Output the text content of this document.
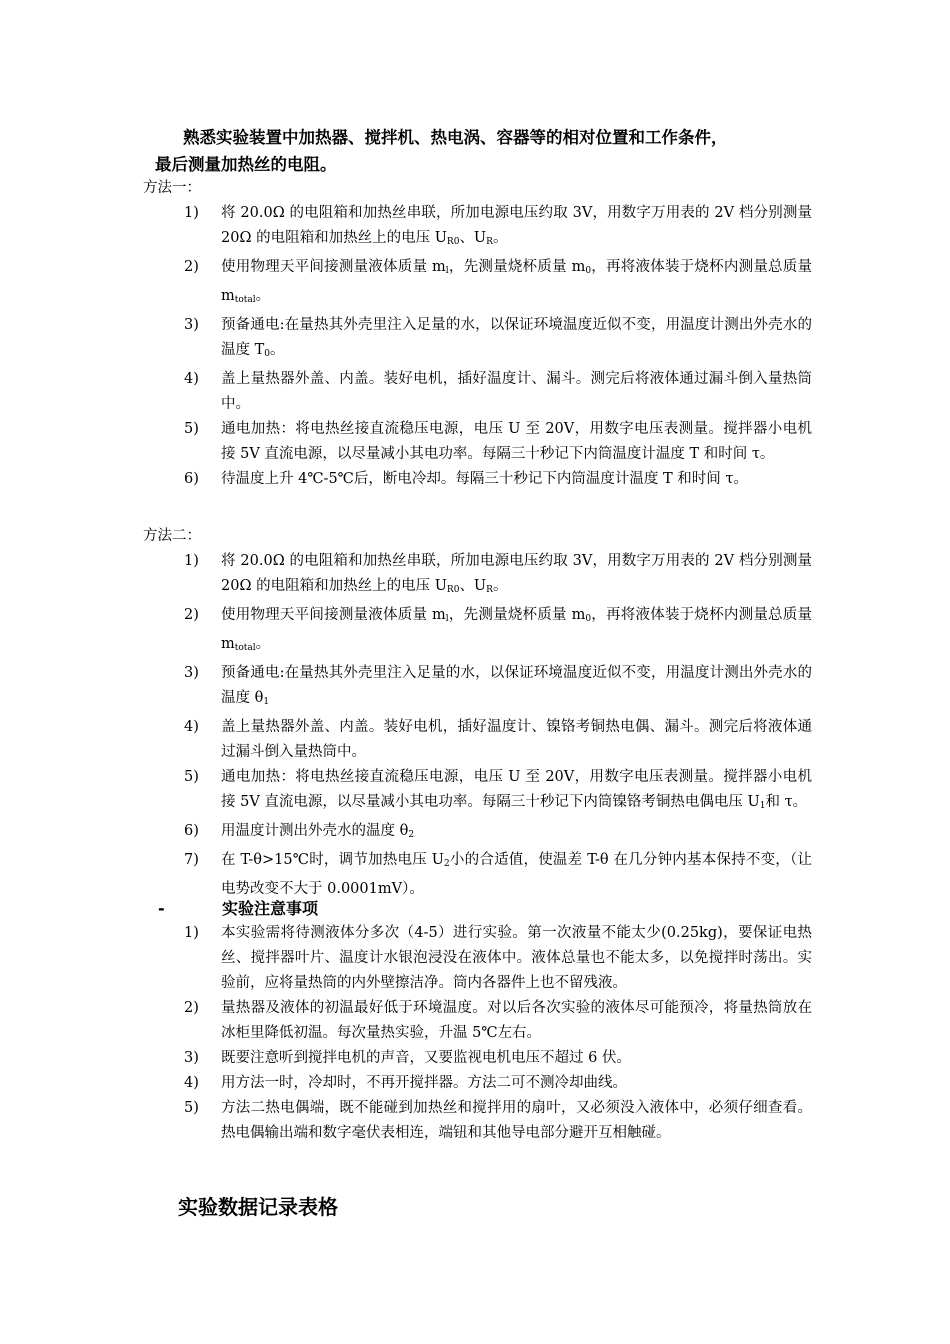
熟悉实验装置中加热器、搅拌机、热电涡、容器等的相对位置和工作条件，
最后测量加热丝的电阻。
方法一：
1)	将 20.0Ω 的电阻箱和加热丝串联，所加电源电压约取 3V，用数字万用表的 2V 档分别测量20Ω 的电阻箱和加热丝上的电压 $U_{R0}$、$U_R$。
2)	使用物理天平间接测量液体质量 $m_l$，先测量烧杯质量 $m_0$，再将液体装于烧杯内测量总质量 $m_{total}$。
3)	预备通电:在量热其外壳里注入足量的水，以保证环境温度近似不变，用温度计测出外壳水的温度 $T_0$。
4)	盖上量热器外盖、内盖。装好电机，插好温度计、漏斗。测完后将液体通过漏斗倒入量热筒中。
5)	通电加热：将电热丝接直流稳压电源，电压 U 至 20V，用数字电压表测量。搅拌器小电机接 5V 直流电源，以尽量减小其电功率。每隔三十秒记下内筒温度计温度 T 和时间 τ。
6)	待温度上升 4℃-5℃后，断电冷却。每隔三十秒记下内筒温度计温度 T 和时间 τ。
方法二：
1)	将 20.0Ω 的电阻箱和加热丝串联，所加电源电压约取 3V，用数字万用表的 2V 档分别测量20Ω 的电阻箱和加热丝上的电压 $U_{R0}$、$U_R$。
2)	使用物理天平间接测量液体质量 $m_l$，先测量烧杯质量 $m_0$，再将液体装于烧杯内测量总质量 $m_{total}$。
3)	预备通电:在量热其外壳里注入足量的水，以保证环境温度近似不变，用温度计测出外壳水的温度 $\theta_1$
4)	盖上量热器外盖、内盖。装好电机，插好温度计、镍铬考铜热电偶、漏斗。测完后将液体通过漏斗倒入量热筒中。
5)	通电加热：将电热丝接直流稳压电源，电压 U 至 20V，用数字电压表测量。搅拌器小电机接 5V 直流电源，以尽量减小其电功率。每隔三十秒记下内筒镍铬考铜热电偶电压 $U_1$和 τ。
6)	用温度计测出外壳水的温度 $\theta_2$
7)	在 T-θ>15℃时，调节加热电压 $U_2$小的合适值，使温差 T-θ 在几分钟内基本保持不变，（让电势改变不大于 0.0001mV）。
-	实验注意事项
1)	本实验需将待测液体分多次（4-5）进行实验。第一次液量不能太少(0.25kg)，要保证电热丝、搅拌器叶片、温度计水银泡浸没在液体中。液体总量也不能太多，以免搅拌时荡出。实验前，应将量热筒的内外壁擦洁净。筒内各器件上也不留残液。
2)	量热器及液体的初温最好低于环境温度。对以后各次实验的液体尽可能预冷，将量热筒放在冰柜里降低初温。每次量热实验，升温 5℃左右。
3)	既要注意听到搅拌电机的声音，又要监视电机电压不超过 6 伏。
4)	用方法一时，冷却时，不再开搅拌器。方法二可不测冷却曲线。
5)	方法二热电偶端，既不能碰到加热丝和搅拌用的扇叶，又必须没入液体中，必须仔细查看。热电偶输出端和数字毫伏表相连，端钮和其他导电部分避开互相触碰。
实验数据记录表格
